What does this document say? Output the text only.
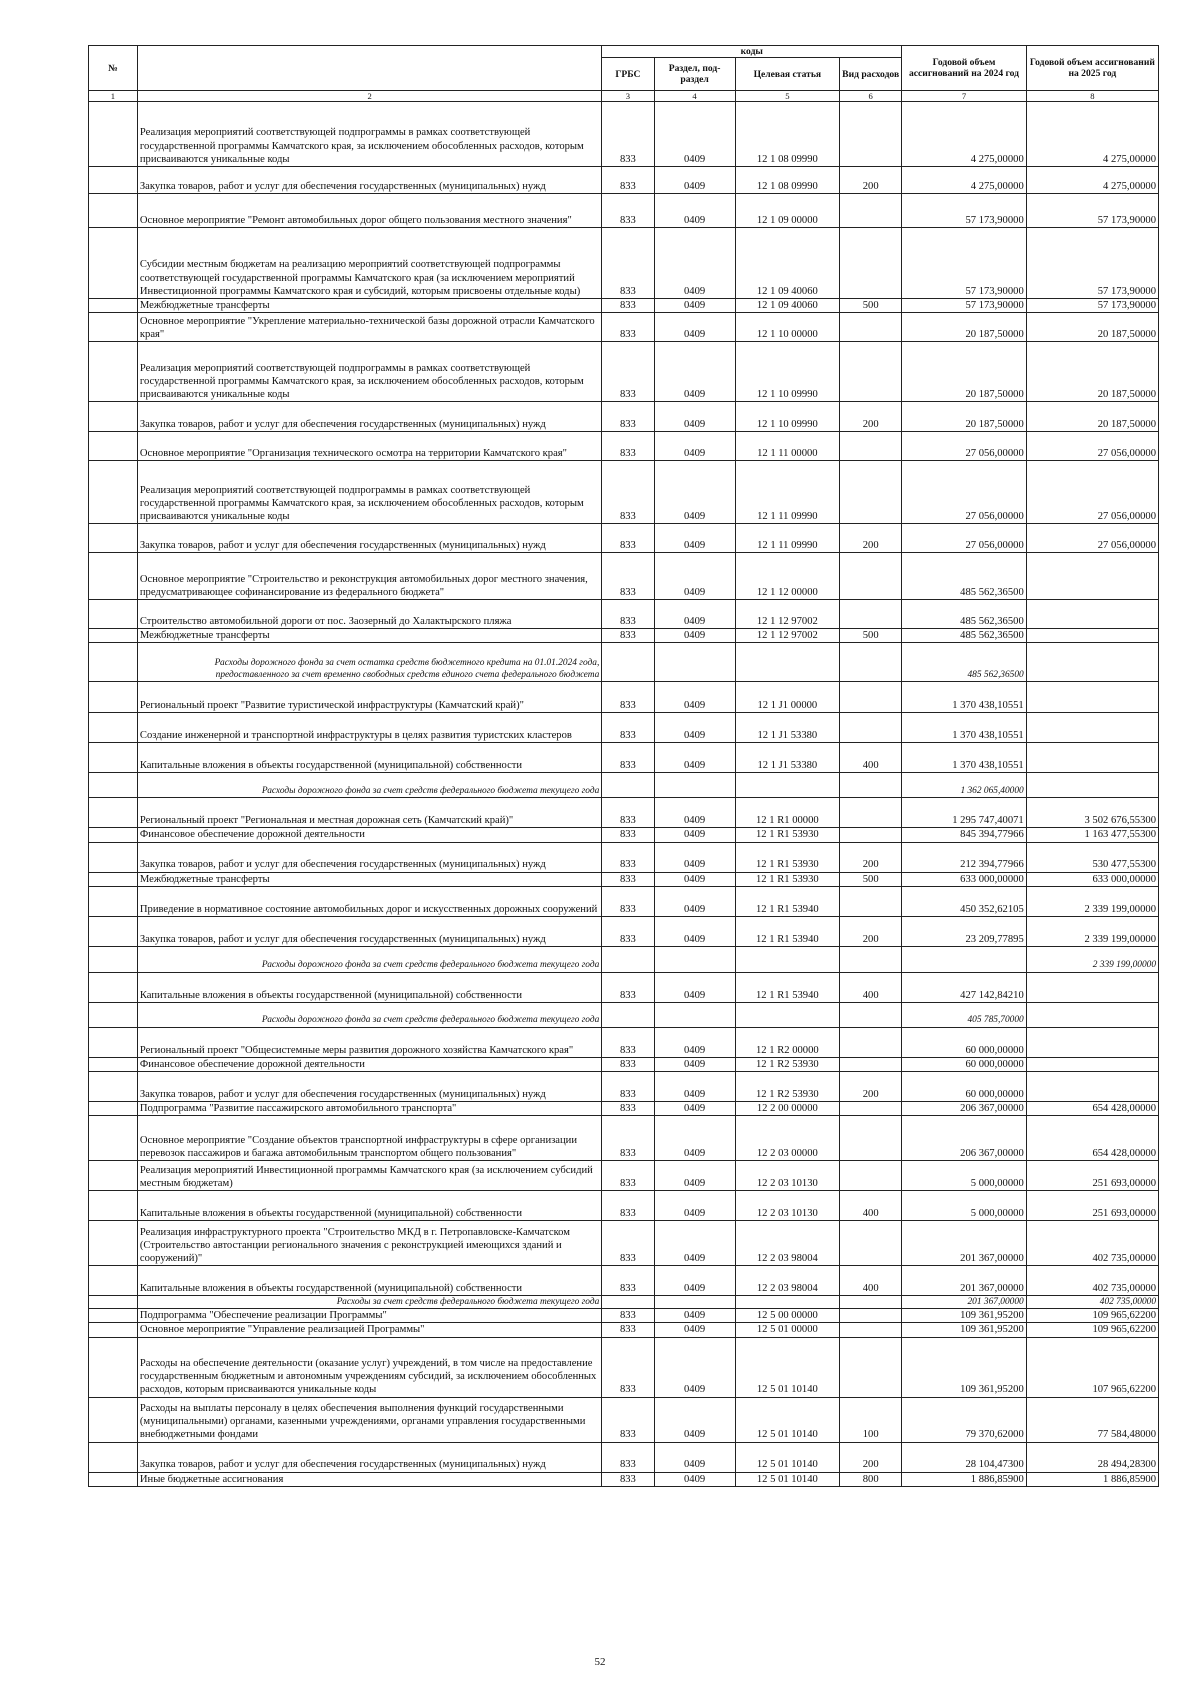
№		коды				Годовой объем ассигнований на 2024 год	Годовой объем ассигнований на 2025 год
		ГРБС	Раздел, под-раздел	Целевая статья	Вид расходов		
1	2	3	4	5	6	7	8
	Реализация мероприятий соответствующей подпрограммы в рамках соответствующей государственной программы Камчатского края, за исключением обособленных расходов, которым присваиваются уникальные коды	833	0409	12 1 08 09990		4 275,00000	4 275,00000
	Закупка товаров, работ и услуг для обеспечения государственных (муниципальных) нужд	833	0409	12 1 08 09990	200	4 275,00000	4 275,00000
	Основное мероприятие "Ремонт автомобильных дорог общего пользования местного значения"	833	0409	12 1 09 00000		57 173,90000	57 173,90000
	Субсидии местным бюджетам на реализацию мероприятий соответствующей подпрограммы соответствующей государственной программы Камчатского края (за исключением мероприятий Инвестиционной программы Камчатского края и субсидий, которым присвоены отдельные коды)	833	0409	12 1 09 40060		57 173,90000	57 173,90000
	Межбюджетные трансферты	833	0409	12 1 09 40060	500	57 173,90000	57 173,90000
	Основное мероприятие "Укрепление материально-технической базы дорожной отрасли Камчатского края"	833	0409	12 1 10 00000		20 187,50000	20 187,50000
	Реализация мероприятий соответствующей подпрограммы в рамках соответствующей государственной программы Камчатского края, за исключением обособленных расходов, которым присваиваются уникальные коды	833	0409	12 1 10 09990		20 187,50000	20 187,50000
	Закупка товаров, работ и услуг для обеспечения государственных (муниципальных) нужд	833	0409	12 1 10 09990	200	20 187,50000	20 187,50000
	Основное мероприятие "Организация технического осмотра на территории Камчатского края"	833	0409	12 1 11 00000		27 056,00000	27 056,00000
	Реализация мероприятий соответствующей подпрограммы в рамках соответствующей государственной программы Камчатского края, за исключением обособленных расходов, которым присваиваются уникальные коды	833	0409	12 1 11 09990		27 056,00000	27 056,00000
	Закупка товаров, работ и услуг для обеспечения государственных (муниципальных) нужд	833	0409	12 1 11 09990	200	27 056,00000	27 056,00000
	Основное мероприятие "Строительство и реконструкция автомобильных дорог местного значения, предусматривающее софинансирование из федерального бюджета"	833	0409	12 1 12 00000		485 562,36500	
	Строительство автомобильной дороги от пос. Заозерный до Халактырского пляжа	833	0409	12 1 12 97002		485 562,36500	
	Межбюджетные трансферты	833	0409	12 1 12 97002	500	485 562,36500	
	Расходы дорожного фонда за счет остатка средств бюджетного кредита на 01.01.2024 года, предоставленного за счет временно свободных средств единого счета федерального бюджета					485 562,36500	
	Региональный проект "Развитие туристической инфраструктуры (Камчатский край)"	833	0409	12 1 J1 00000		1 370 438,10551	
	Создание инженерной и транспортной инфраструктуры в целях развития туристских кластеров	833	0409	12 1 J1 53380		1 370 438,10551	
	Капитальные вложения в объекты государственной (муниципальной) собственности	833	0409	12 1 J1 53380	400	1 370 438,10551	
	Расходы дорожного фонда за счет средств федерального бюджета текущего года					1 362 065,40000	
	Региональный проект "Региональная и местная дорожная сеть (Камчатский край)"	833	0409	12 1 R1 00000		1 295 747,40071	3 502 676,55300
	Финансовое обеспечение дорожной деятельности	833	0409	12 1 R1 53930		845 394,77966	1 163 477,55300
	Закупка товаров, работ и услуг для обеспечения государственных (муниципальных) нужд	833	0409	12 1 R1 53930	200	212 394,77966	530 477,55300
	Межбюджетные трансферты	833	0409	12 1 R1 53930	500	633 000,00000	633 000,00000
	Приведение в нормативное состояние автомобильных дорог и искусственных дорожных сооружений	833	0409	12 1 R1 53940		450 352,62105	2 339 199,00000
	Закупка товаров, работ и услуг для обеспечения государственных (муниципальных) нужд	833	0409	12 1 R1 53940	200	23 209,77895	2 339 199,00000
	Расходы дорожного фонда за счет средств федерального бюджета текущего года						2 339 199,00000
	Капитальные вложения в объекты государственной (муниципальной) собственности	833	0409	12 1 R1 53940	400	427 142,84210	
	Расходы дорожного фонда за счет средств федерального бюджета текущего года					405 785,70000	
	Региональный проект "Общесистемные меры развития дорожного хозяйства Камчатского края"	833	0409	12 1 R2 00000		60 000,00000	
	Финансовое обеспечение дорожной деятельности	833	0409	12 1 R2 53930		60 000,00000	
	Закупка товаров, работ и услуг для обеспечения государственных (муниципальных) нужд	833	0409	12 1 R2 53930	200	60 000,00000	
	Подпрограмма "Развитие пассажирского автомобильного транспорта"	833	0409	12 2 00 00000		206 367,00000	654 428,00000
	Основное мероприятие "Создание объектов транспортной инфраструктуры в сфере организации перевозок пассажиров и багажа автомобильным транспортом общего пользования"	833	0409	12 2 03 00000		206 367,00000	654 428,00000
	Реализация мероприятий Инвестиционной программы Камчатского края (за исключением субсидий местным бюджетам)	833	0409	12 2 03 10130		5 000,00000	251 693,00000
	Капитальные вложения в объекты государственной (муниципальной) собственности	833	0409	12 2 03 10130	400	5 000,00000	251 693,00000
	Реализация инфраструктурного проекта "Строительство МКД в г. Петропавловске-Камчатском (Строительство автостанции регионального значения с реконструкцией имеющихся зданий и сооружений)"	833	0409	12 2 03 98004		201 367,00000	402 735,00000
	Капитальные вложения в объекты государственной (муниципальной) собственности	833	0409	12 2 03 98004	400	201 367,00000	402 735,00000
	Расходы за счет средств федерального бюджета текущего года					201 367,00000	402 735,00000
	Подпрограмма "Обеспечение реализации Программы"	833	0409	12 5 00 00000		109 361,95200	109 965,62200
	Основное мероприятие "Управление реализацией Программы"	833	0409	12 5 01 00000		109 361,95200	109 965,62200
	Расходы на обеспечение деятельности (оказание услуг) учреждений, в том числе на предоставление государственным бюджетным и автономным учреждениям субсидий, за исключением обособленных расходов, которым присваиваются уникальные коды	833	0409	12 5 01 10140		109 361,95200	107 965,62200
	Расходы на выплаты персоналу в целях обеспечения выполнения функций государственными (муниципальными) органами, казенными учреждениями, органами управления государственными внебюджетными фондами	833	0409	12 5 01 10140	100	79 370,62000	77 584,48000
	Закупка товаров, работ и услуг для обеспечения государственных (муниципальных) нужд	833	0409	12 5 01 10140	200	28 104,47300	28 494,28300
	Иные бюджетные ассигнования	833	0409	12 5 01 10140	800	1 886,85900	1 886,85900
52
